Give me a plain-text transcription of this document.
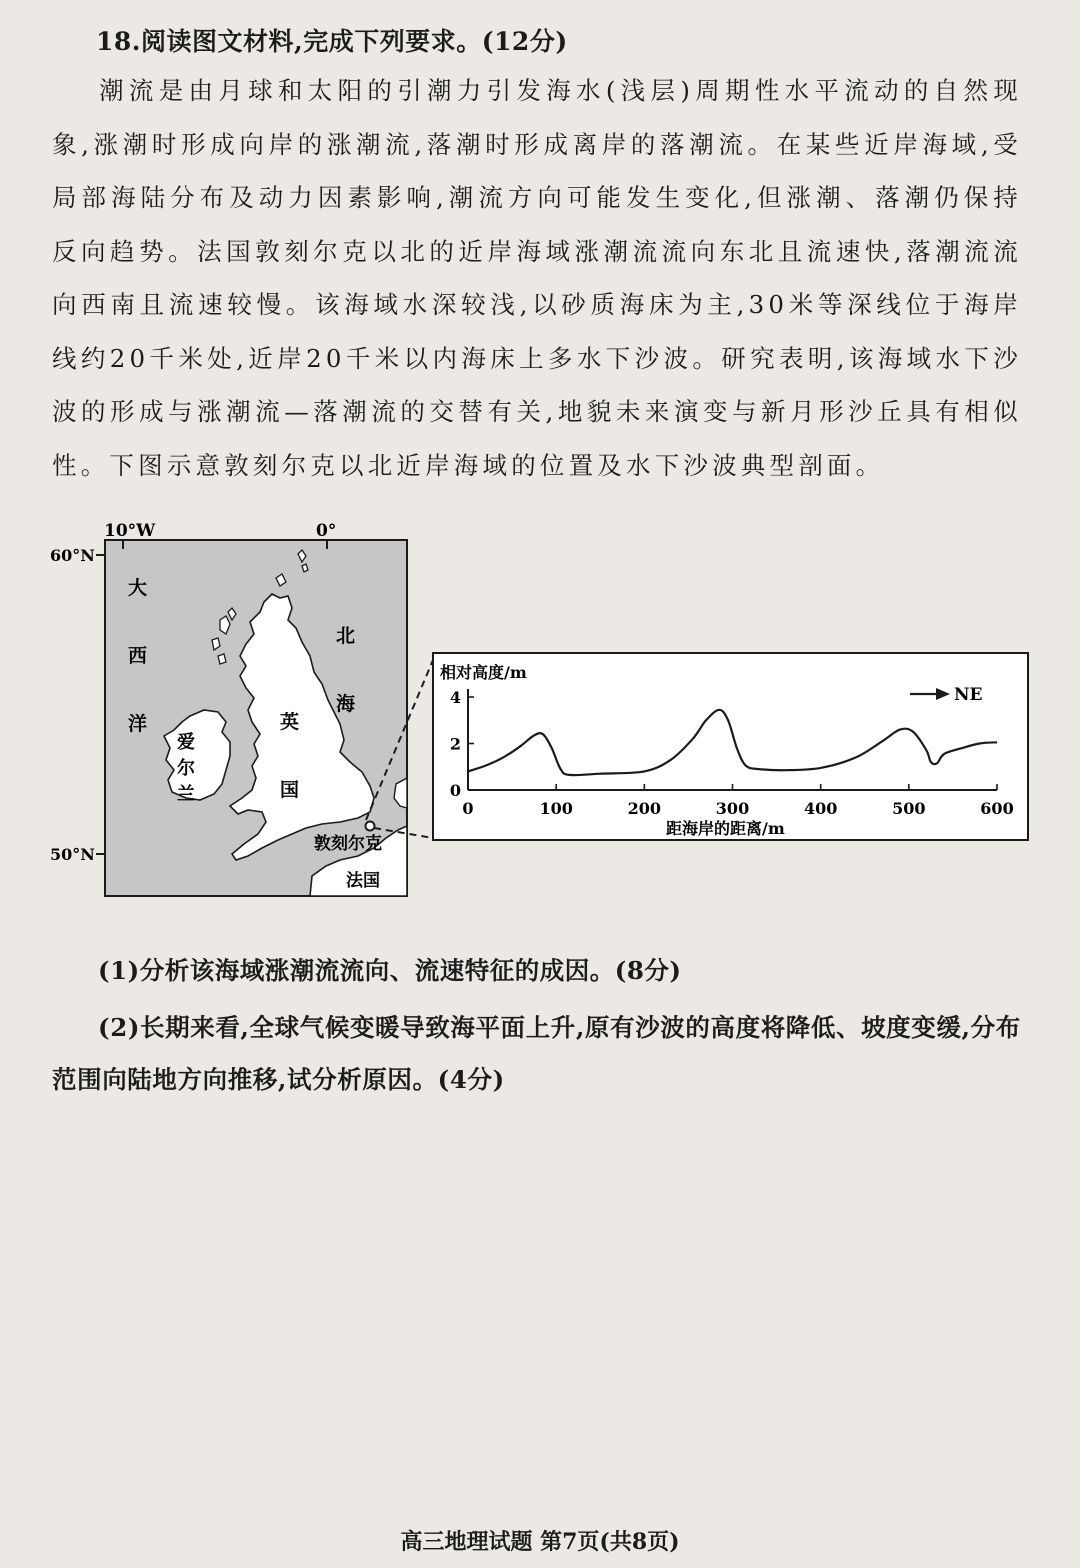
18.阅读图文材料,完成下列要求。(12分)
潮流是由月球和太阳的引潮力引发海水(浅层)周期性水平流动的自然现象,涨潮时形成向岸的涨潮流,落潮时形成离岸的落潮流。在某些近岸海域,受局部海陆分布及动力因素影响,潮流方向可能发生变化,但涨潮、落潮仍保持反向趋势。法国敦刻尔克以北的近岸海域涨潮流流向东北且流速快,落潮流流向西南且流速较慢。该海域水深较浅,以砂质海床为主,30米等深线位于海岸线约20千米处,近岸20千米以内海床上多水下沙波。研究表明,该海域水下沙波的形成与涨潮流—落潮流的交替有关,地貌未来演变与新月形沙丘具有相似性。下图示意敦刻尔克以北近岸海域的位置及水下沙波典型剖面。
10°W	0°
60°N
50°N
大
西
洋
北
海
英
国
爱
尔
兰
敦刻尔克
法国
相对高度/m
距海岸的距离/m
NE
0	100	200	300	400	500	600
0
2
4
(1)分析该海域涨潮流流向、流速特征的成因。(8分)
(2)长期来看,全球气候变暖导致海平面上升,原有沙波的高度将降低、坡度变缓,分布范围向陆地方向推移,试分析原因。(4分)
高三地理试题 第7页(共8页)
